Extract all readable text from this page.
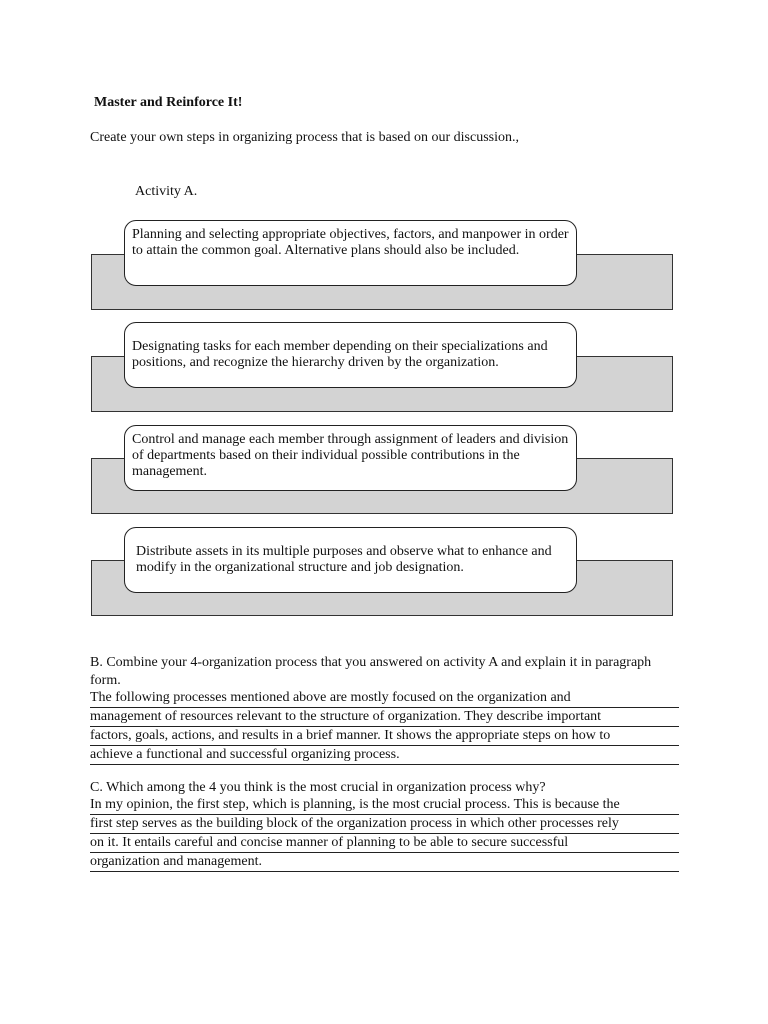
Master and Reinforce It!
Create your own steps in organizing process that is based on our discussion.,
Activity A.
Planning and selecting appropriate objectives, factors, and manpower in order to attain the common goal. Alternative plans should also be included.
Designating tasks for each member depending on their specializations and positions, and recognize the hierarchy driven by the organization.
Control and manage each member through assignment of leaders and division of departments based on their individual possible contributions in the management.
Distribute assets in its multiple purposes and observe what to enhance and modify in the organizational structure and job designation.
B. Combine your 4-organization process that you answered on activity A and explain it in paragraph form.
The following processes mentioned above are mostly focused on the organization and
management of resources relevant to the structure of organization. They describe important
factors, goals, actions, and results in a brief manner. It shows the appropriate steps on how to
achieve a functional and successful organizing process.
C. Which among the 4 you think is the most crucial in organization process why?
In my opinion, the first step, which is planning, is the most crucial process. This is because the
first step serves as the building block of the organization process in which other processes rely
on it. It entails careful and concise manner of planning to be able to secure successful
organization and management.
